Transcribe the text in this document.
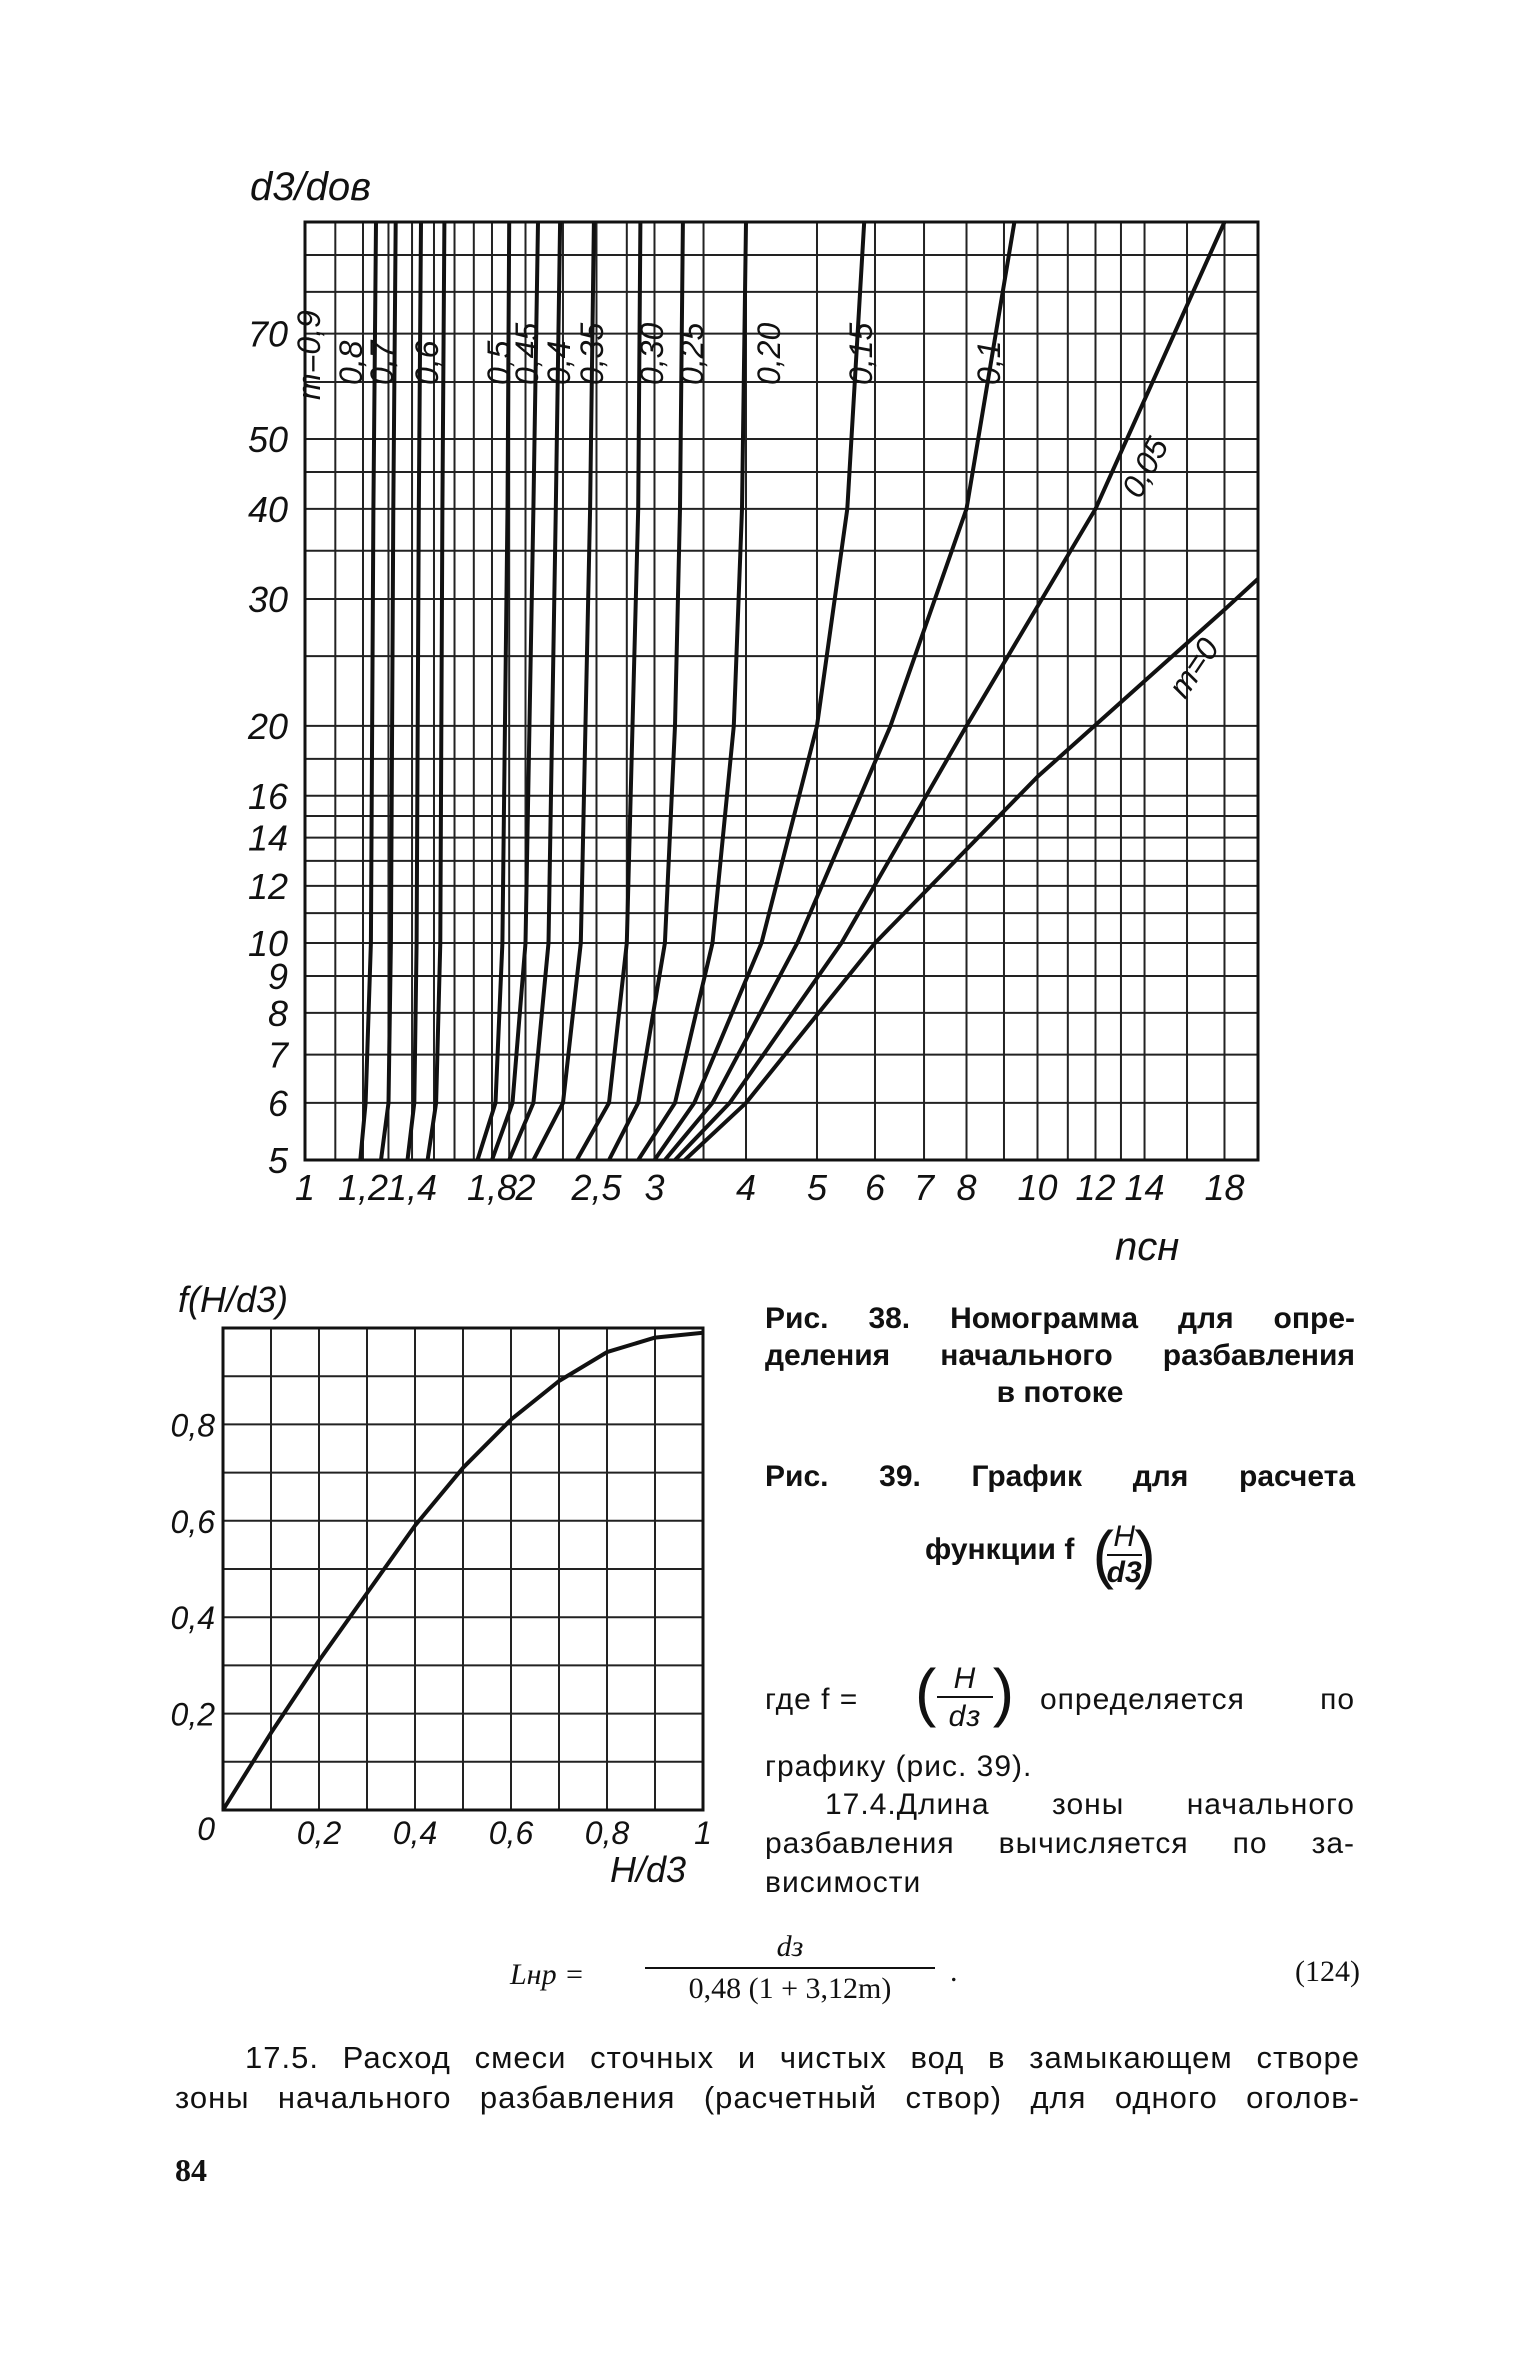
d3/dов
70
50
40
30
20
16
14
12
10
9
8
7
6
5
1 1,2
1,4 1,8
2 2,5 3 4 5 6 7 8 10 12 14 18
m=0,9 0,8
0,7 0,6 0,5
0,45
0,4
0,35 0,30 0,25 0,20 0,15	0,1
0,05
m=0
nсн
f(H/d3)
0,8
0,6
0,4
0,2
0	0,2 0,4 0,6 0,8 1
H/d3
Рис. 38. Номограмма для опре-
деления начального разбавления
в потоке
Рис. 39. График для расчета
функции f ( H
d3
)
где f = ( H
dз ) определяется по
графику (рис. 39).
17.4.Длина зоны начального
разбавления вычисляется по за-
висимости
Lнр =
dз
0,48 (1 + 3,12m)
.	(124)
17.5. Расход смеси сточных и чистых вод в замыкающем створе
зоны начального разбавления (расчетный створ) для одного оголов-
84
